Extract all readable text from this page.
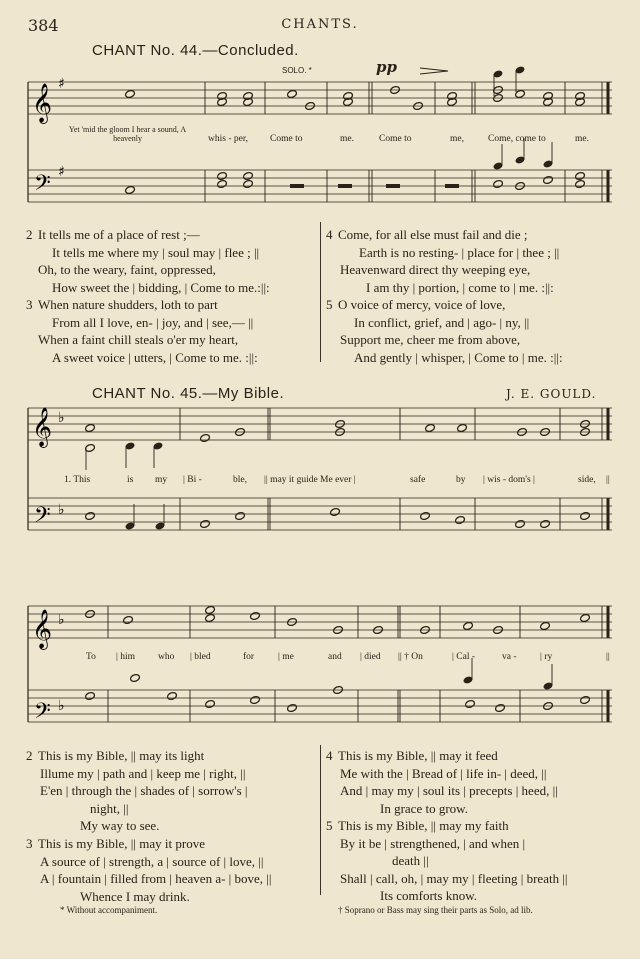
384	CHANTS.
CHANT No. 44.—Concluded.
SOLO. *	pp
𝄞
𝄢
♯
♯
Yet 'mid the gloom I hear a sound, A heavenly	whis - per, Come to	me.	Come to	me,	Come, come to	me.
2 It tells me of a place of rest ;—
It tells me where my | soul may | flee ; ||
Oh, to the weary, faint, oppressed,
How sweet the | bidding, | Come to me.:||:
3 When nature shudders, loth to part
From all I love, en- | joy, and | see,— ||
When a faint chill steals o'er my heart,
A sweet voice | utters, | Come to me. :||:
4 Come, for all else must fail and die ;
Earth is no resting- | place for | thee ; ||
Heavenward direct thy weeping eye,
I am thy | portion, | come to | me. :||:
5 O voice of mercy, voice of love,
In conflict, grief, and | ago- | ny, ||
Support me, cheer me from above,
And gently | whisper, | Come to | me. :||:
CHANT No. 45.—My Bible.	J. E. GOULD.
𝄞
𝄢
♭
♭
𝄞
𝄢
♭
♭
1. This	is my | Bi -	ble, || may it guide Me ever |	safe	by | wis - dom's |	side, ||
To | him who | bled	for	| me	and | died || † On	| Cal -	va - | ry	||
2 This is my Bible, || may its light
Illume my | path and | keep me | right, ||
E'en | through the | shades of | sorrow's |
night, ||
My way to see.
3 This is my Bible, || may it prove
A source of | strength, a | source of | love, ||
A | fountain | filled from | heaven a- | bove, ||
Whence I may drink.
4 This is my Bible, || may it feed
Me with the | Bread of | life in- | deed, ||
And | may my | soul its | precepts | heed, ||
In grace to grow.
5 This is my Bible, || may my faith
By it be | strengthened, | and when |
death ||
Shall | call, oh, | may my | fleeting | breath ||
Its comforts know.
* Without accompaniment.	† Soprano or Bass may sing their parts as Solo, ad lib.
